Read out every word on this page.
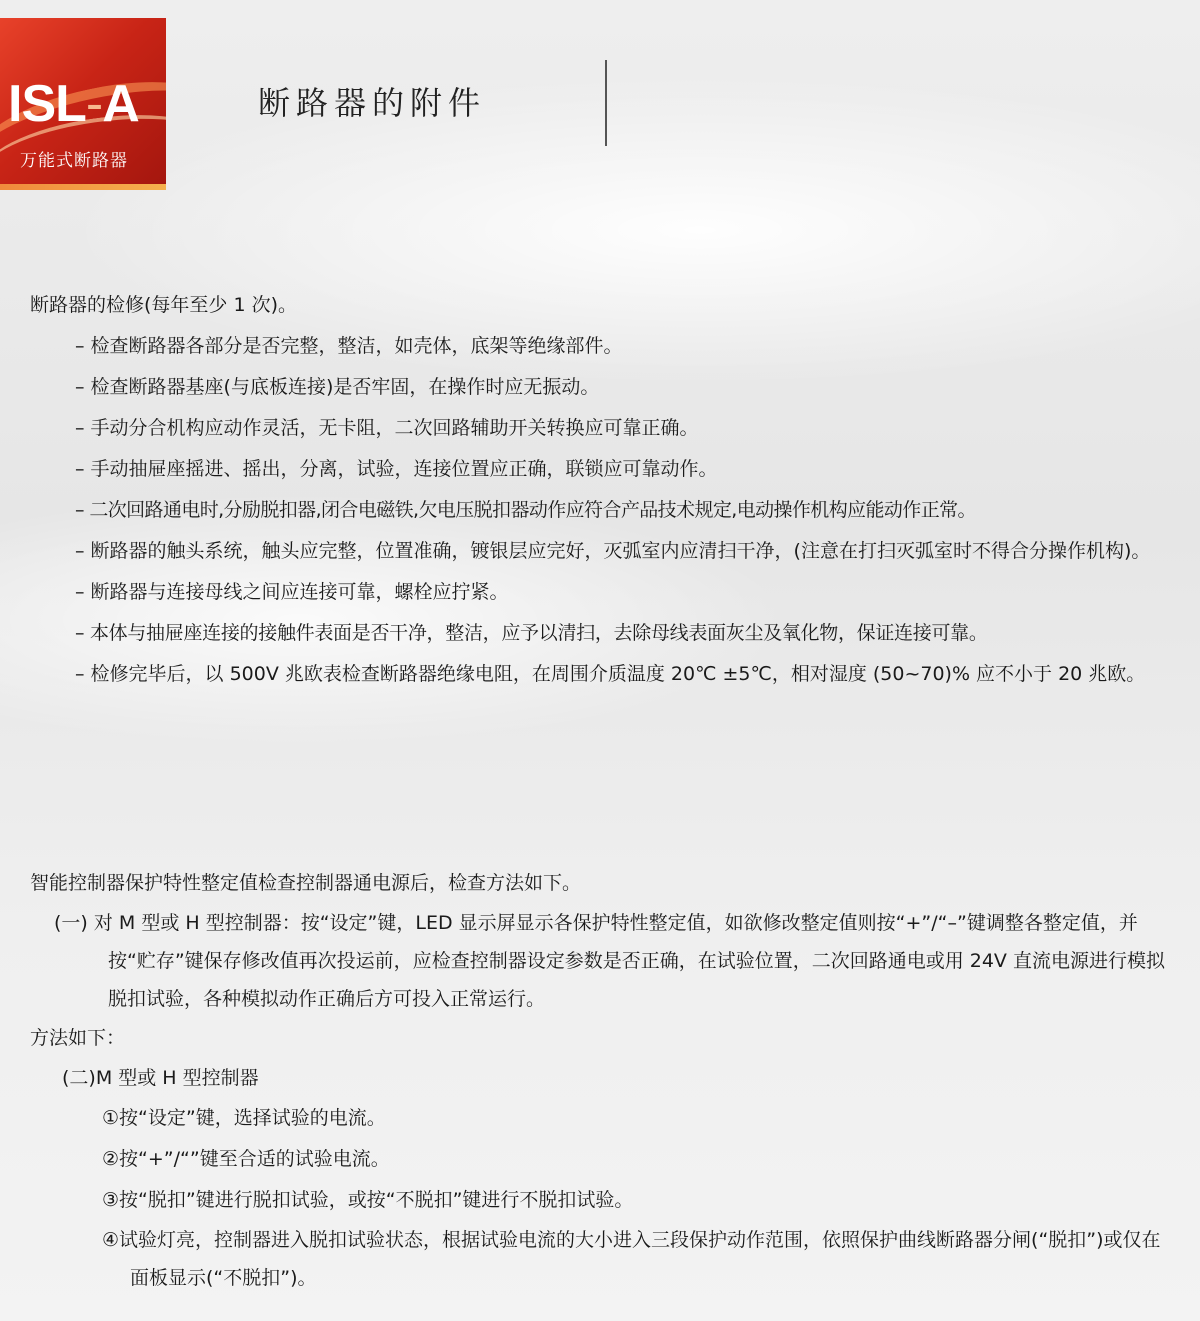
ISL-A
万能式断路器
断路器的附件

断路器的检修(每年至少 1 次)。

– 检查断路器各部分是否完整，整洁，如壳体，底架等绝缘部件。

– 检查断路器基座(与底板连接)是否牢固，在操作时应无振动。

– 手动分合机构应动作灵活，无卡阻，二次回路辅助开关转换应可靠正确。

– 手动抽屉座摇进、摇出，分离，试验，连接位置应正确，联锁应可靠动作。

– 二次回路通电时,分励脱扣器,闭合电磁铁,欠电压脱扣器动作应符合产品技术规定,电动操作机构应能动作正常。

– 断路器的触头系统，触头应完整，位置准确，镀银层应完好，灭弧室内应清扫干净，(注意在打扫灭弧室时不得合分操作机构)。

– 断路器与连接母线之间应连接可靠，螺栓应拧紧。

– 本体与抽屉座连接的接触件表面是否干净，整洁，应予以清扫，去除母线表面灰尘及氧化物，保证连接可靠。

– 检修完毕后，以 500V 兆欧表检查断路器绝缘电阻，在周围介质温度 20℃ ±5℃，相对湿度 (50~70)% 应不小于 20 兆欧。

智能控制器保护特性整定值检查控制器通电源后，检查方法如下。

(一) 对 M 型或 H 型控制器：按“设定”键，LED 显示屏显示各保护特性整定值，如欲修改整定值则按“+”/“–”键调整各整定值，并按“贮存”键保存修改值再次投运前，应检查控制器设定参数是否正确，在试验位置，二次回路通电或用 24V 直流电源进行模拟脱扣试验，各种模拟动作正确后方可投入正常运行。

方法如下：

(二)M 型或 H 型控制器

①按“设定”键，选择试验的电流。

②按“+”/“”键至合适的试验电流。

③按“脱扣”键进行脱扣试验，或按“不脱扣”键进行不脱扣试验。

④试验灯亮，控制器进入脱扣试验状态，根据试验电流的大小进入三段保护动作范围，依照保护曲线断路器分闸(“脱扣”)或仅在面板显示(“不脱扣”)。
